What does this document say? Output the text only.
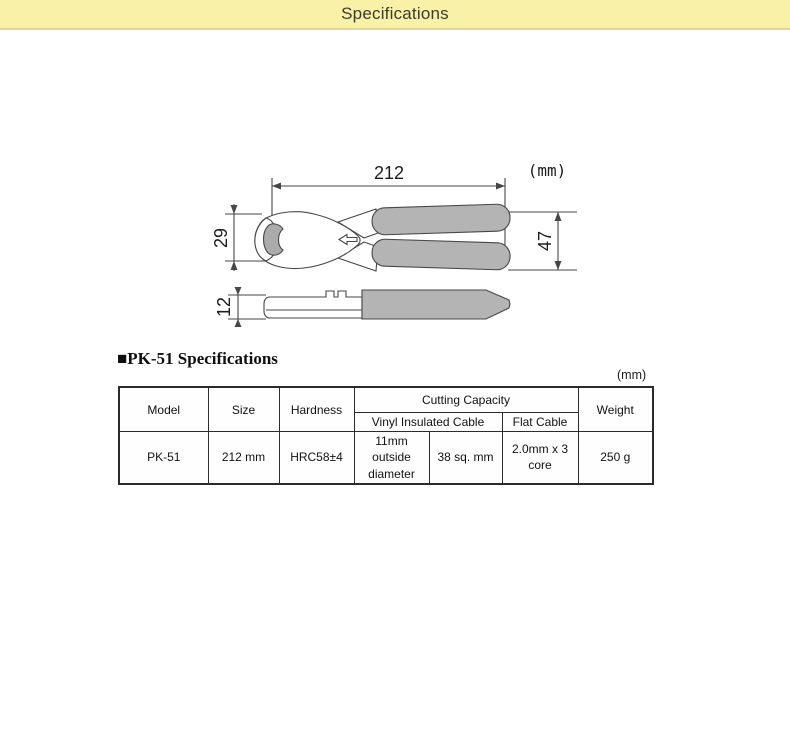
Specifications
212	(mm)
29	47
12
■PK-51 Specifications
(mm)
Model	Size	Hardness	Cutting Capacity			Weight
			Vinyl Insulated Cable		Flat Cable	
PK-51	212 mm	HRC58±4	11mm outside diameter	38 sq. mm	2.0mm x 3 core	250 g
